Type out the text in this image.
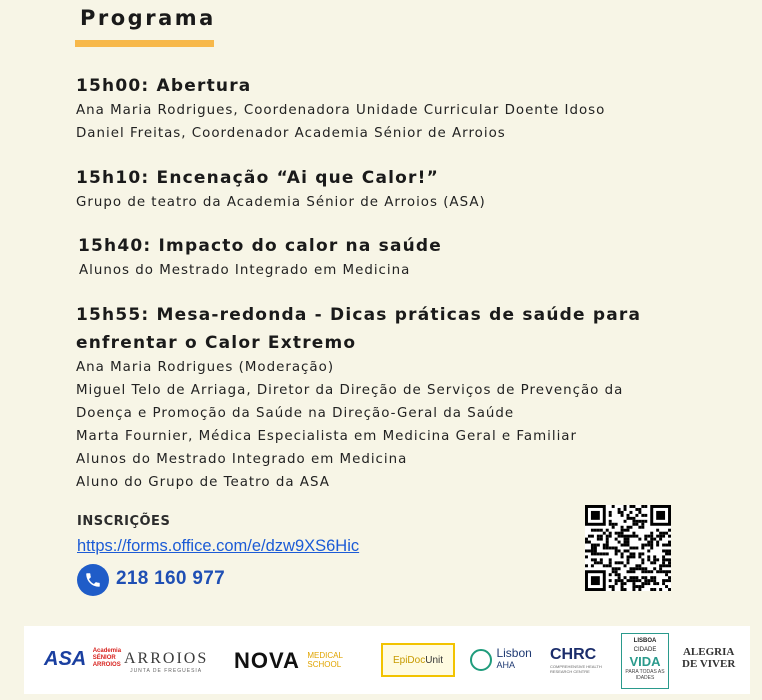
Programa
15h00: Abertura
Ana Maria Rodrigues, Coordenadora Unidade Curricular Doente Idoso
Daniel Freitas, Coordenador Academia Sénior de Arroios
15h10: Encenação “Ai que Calor!”
Grupo de teatro da Academia Sénior de Arroios (ASA)
15h40: Impacto do calor na saúde
Alunos do Mestrado Integrado em Medicina
15h55: Mesa-redonda - Dicas práticas de saúde para
enfrentar o Calor Extremo
Ana Maria Rodrigues (Moderação)
Miguel Telo de Arriaga, Diretor da Direção de Serviços de Prevenção da
Doença e Promoção da Saúde na Direção-Geral da Saúde
Marta Fournier, Médica Especialista em Medicina Geral e Familiar
Alunos do Mestrado Integrado em Medicina
Aluno do Grupo de Teatro da ASA
INSCRIÇÕES
https://forms.office.com/e/dzw9XS6Hic
218 160 977
ASA Academia
SÉNIOR
ARROIOS ARROIOS
JUNTA DE FREGUESIA NOVA MEDICAL
SCHOOL	EpiDoc Unit	Lisbon
AHA
CHRC
COMPREHENSIVE HEALTH RESEARCH CENTRE
LISBOA
CIDADE
VIDA
PARA TODAS AS IDADES
ALEGRIA
DE VIVER
